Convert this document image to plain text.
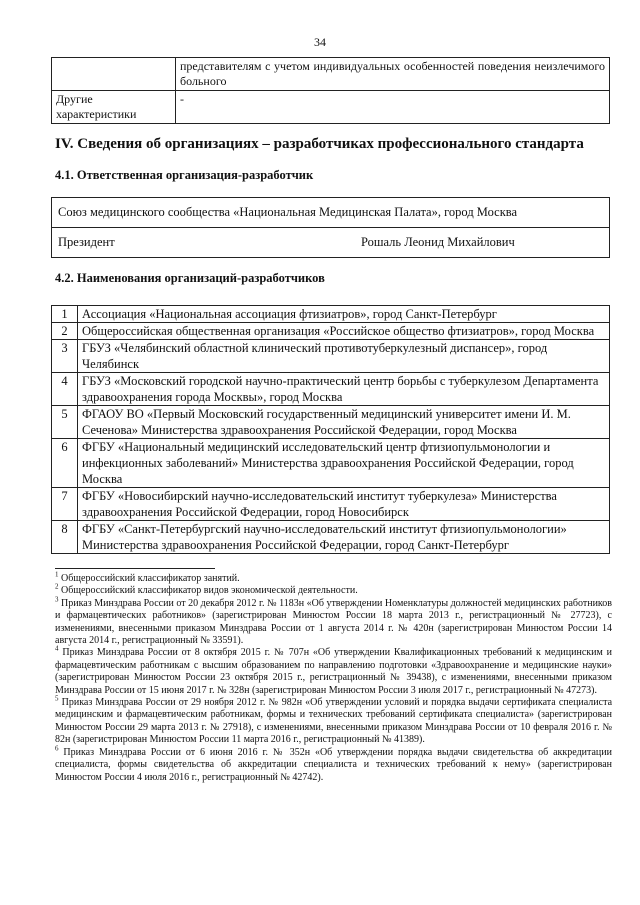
34
	представителям с учетом индивидуальных особенностей поведения неизлечимого больного
Другие характеристики	-
IV. Сведения об организациях – разработчиках профессионального стандарта
4.1. Ответственная организация-разработчик
Союз медицинского сообщества «Национальная Медицинская Палата», город Москва
Президент	Рошаль Леонид Михайлович
4.2. Наименования организаций-разработчиков
1	Ассоциация «Национальная ассоциация фтизиатров», город Санкт-Петербург
2	Общероссийская общественная организация «Российское общество фтизиатров», город Москва
3	ГБУЗ «Челябинский областной клинический противотуберкулезный диспансер», город Челябинск
4	ГБУЗ «Московский городской научно-практический центр борьбы с туберкулезом Департамента здравоохранения города Москвы», город Москва
5	ФГАОУ ВО «Первый Московский государственный медицинский университет имени И. М. Сеченова» Министерства здравоохранения Российской Федерации, город Москва
6	ФГБУ «Национальный медицинский исследовательский центр фтизиопульмонологии и инфекционных заболеваний» Министерства здравоохранения Российской Федерации, город Москва
7	ФГБУ «Новосибирский научно-исследовательский институт туберкулеза» Министерства здравоохранения Российской Федерации, город Новосибирск
8	ФГБУ «Санкт-Петербургский научно-исследовательский институт фтизиопульмонологии» Министерства здравоохранения Российской Федерации, город Санкт-Петербург

$^1$ Общероссийский классификатор занятий.

$^2$ Общероссийский классификатор видов экономической деятельности.

$^3$ Приказ Минздрава России от 20 декабря 2012 г. № 1183н «Об утверждении Номенклатуры должностей медицинских работников и фармацевтических работников» (зарегистрирован Минюстом России 18 марта 2013 г., регистрационный № 27723), с изменениями, внесенными приказом Минздрава России от 1 августа 2014 г. № 420н (зарегистрирован Минюстом России 14 августа 2014 г., регистрационный № 33591).

$^4$ Приказ Минздрава России от 8 октября 2015 г. № 707н «Об утверждении Квалификационных требований к медицинским и фармацевтическим работникам с высшим образованием по направлению подготовки «Здравоохранение и медицинские науки» (зарегистрирован Минюстом России 23 октября 2015 г., регистрационный № 39438), с изменениями, внесенными приказом Минздрава России от 15 июня 2017 г. № 328н (зарегистрирован Минюстом России 3 июля 2017 г., регистрационный № 47273).

$^5$ Приказ Минздрава России от 29 ноября 2012 г. № 982н «Об утверждении условий и порядка выдачи сертификата специалиста медицинским и фармацевтическим работникам, формы и технических требований сертификата специалиста» (зарегистрирован Минюстом России 29 марта 2013 г. № 27918), с изменениями, внесенными приказом Минздрава России от 10 февраля 2016 г. № 82н (зарегистрирован Минюстом России 11 марта 2016 г., регистрационный № 41389).

$^6$ Приказ Минздрава России от 6 июня 2016 г. № 352н «Об утверждении порядка выдачи свидетельства об аккредитации специалиста, формы свидетельства об аккредитации специалиста и технических требований к нему» (зарегистрирован Минюстом России 4 июля 2016 г., регистрационный № 42742).
